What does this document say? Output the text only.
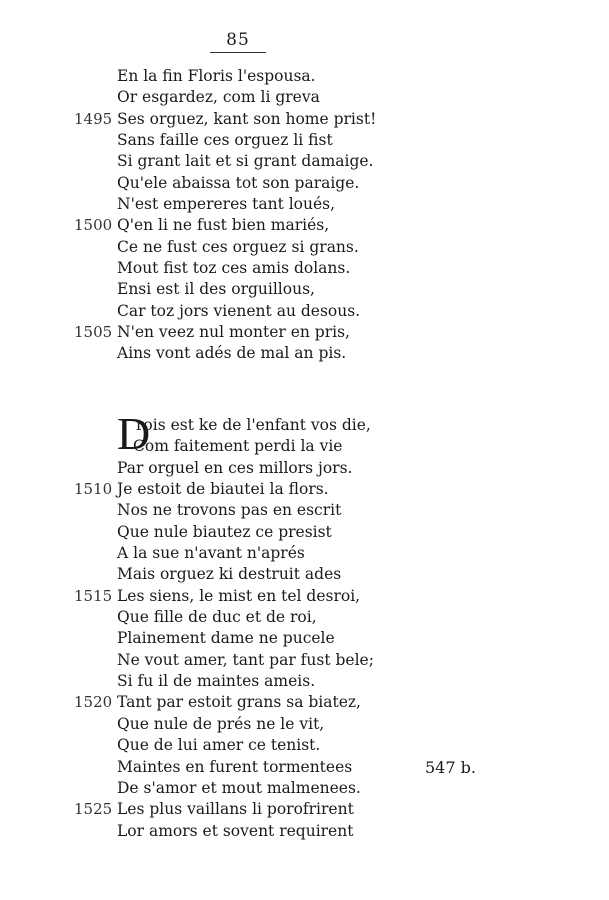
85
En la fin Floris l'espousa.
Or esgardez, com li greva
1495 Ses orguez, kant son home prist!
Sans faille ces orguez li fist
Si grant lait et si grant damaige.
Qu'ele abaissa tot son paraige.
N'est empereres tant loués,
1500 Q'en li ne fust bien mariés,
Ce ne fust ces orguez si grans.
Mout fist toz ces amis dolans.
Ensi est il des orguillous,
Car toz jors vienent au desous.
1505 N'en veez nul monter en pris,
Ains vont adés de mal an pis.
D
rois est ke de l'enfant vos die,
Com faitement perdi la vie
Par orguel en ces millors jors.
1510 Je estoit de biautei la flors.
Nos ne trovons pas en escrit
Que nule biautez ce presist
A la sue n'avant n'aprés
Mais orguez ki destruit ades
1515 Les siens, le mist en tel desroi,
Que fille de duc et de roi,
Plainement dame ne pucele
Ne vout amer, tant par fust bele;
Si fu il de maintes ameis.
1520 Tant par estoit grans sa biatez,
Que nule de prés ne le vit,
Que de lui amer ce tenist.
Maintes en furent tormentees	547 b.
De s'amor et mout malmenees.
1525 Les plus vaillans li porofrirent
Lor amors et sovent requirent
